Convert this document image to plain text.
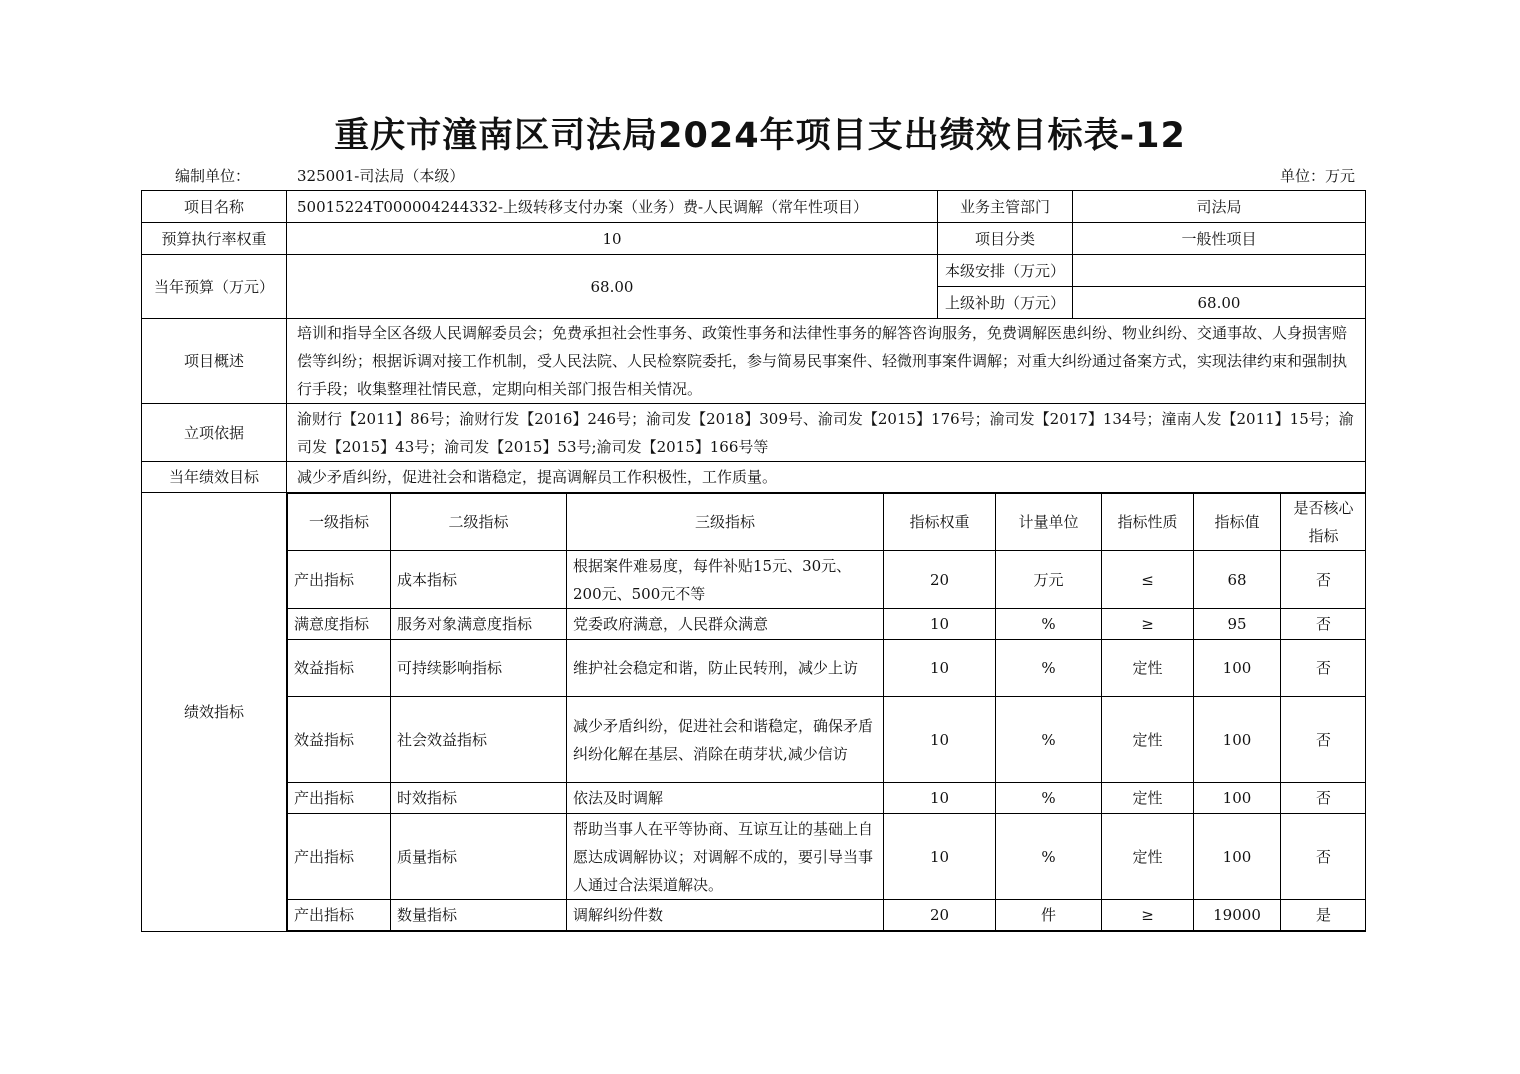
重庆市潼南区司法局2024年项目支出绩效目标表-12
编制单位：	325001-司法局（本级）	单位：万元
项目名称	50015224T000004244332-上级转移支付办案（业务）费-人民调解（常年性项目）	业务主管部门	司法局
预算执行率权重	10	项目分类	一般性项目
当年预算（万元）	68.00	本级安排（万元）	
上级补助（万元）	68.00
项目概述	培训和指导全区各级人民调解委员会；免费承担社会性事务、政策性事务和法律性事务的解答咨询服务，免费调解医患纠纷、物业纠纷、交通事故、人身损害赔偿等纠纷；根据诉调对接工作机制，受人民法院、人民检察院委托，参与简易民事案件、轻微刑事案件调解；对重大纠纷通过备案方式，实现法律约束和强制执行手段；收集整理社情民意，定期向相关部门报告相关情况。
立项依据	渝财行【2011】86号；渝财行发【2016】246号；渝司发【2018】309号、渝司发【2015】176号；渝司发【2017】134号；潼南人发【2011】15号；渝司发【2015】43号；渝司发【2015】53号;渝司发【2015】166号等
当年绩效目标	减少矛盾纠纷，促进社会和谐稳定，提高调解员工作积极性，工作质量。
绩效指标	
一级指标	二级指标	三级指标	指标权重	计量单位	指标性质	指标值	是否核心指标
产出指标	成本指标	根据案件难易度，每件补贴15元、30元、200元、500元不等	20	万元	≤	68	否
满意度指标	服务对象满意度指标	党委政府满意，人民群众满意	10	%	≥	95	否
效益指标	可持续影响指标	维护社会稳定和谐，防止民转刑，减少上访	10	%	定性	100	否
效益指标	社会效益指标	减少矛盾纠纷，促进社会和谐稳定，确保矛盾纠纷化解在基层、消除在萌芽状,减少信访	10	%	定性	100	否
产出指标	时效指标	依法及时调解	10	%	定性	100	否
产出指标	质量指标	帮助当事人在平等协商、互谅互让的基础上自愿达成调解协议；对调解不成的，要引导当事人通过合法渠道解决。	10	%	定性	100	否
产出指标	数量指标	调解纠纷件数	20	件	≥	19000	是
